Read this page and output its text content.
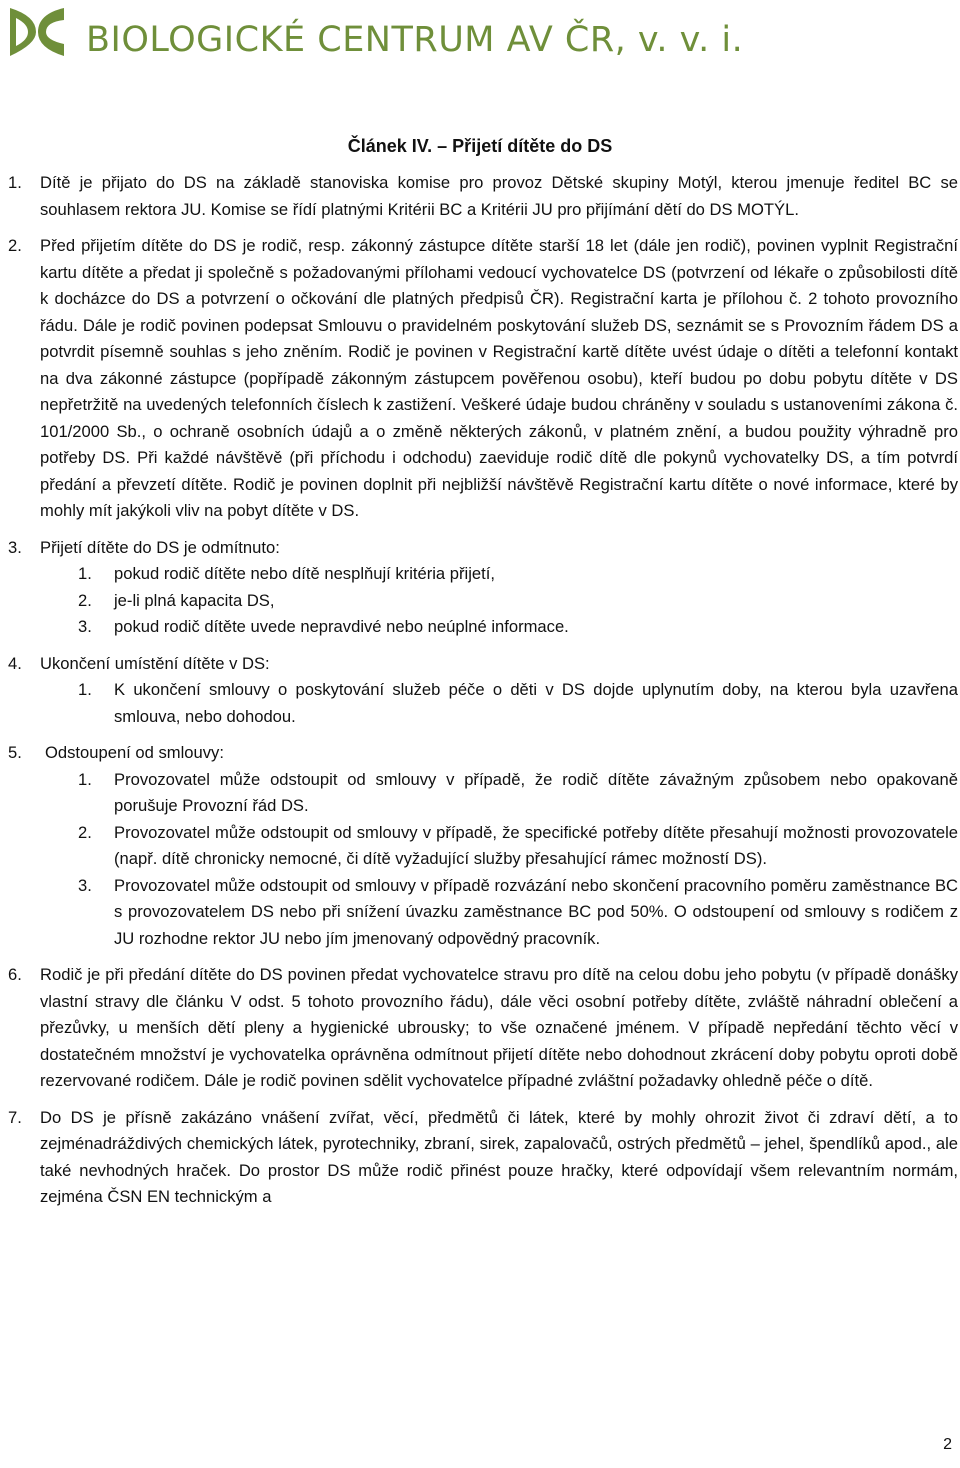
BIOLOGICKÉ CENTRUM AV ČR, v. v. i.
Článek IV. – Přijetí dítěte do DS
1. Dítě je přijato do DS na základě stanoviska komise pro provoz Dětské skupiny Motýl, kterou jmenuje ředitel BC se souhlasem rektora JU. Komise se řídí platnými Kritérii BC a Kritérii JU pro přijímání dětí do DS MOTÝL.

2. Před přijetím dítěte do DS je rodič, resp. zákonný zástupce dítěte starší 18 let (dále jen rodič), povinen vyplnit Registrační kartu dítěte a předat ji společně s požadovanými přílohami vedoucí vychovatelce DS (potvrzení od lékaře o způsobilosti dítě k docházce do DS a potvrzení o očkování dle platných předpisů ČR). Registrační karta je přílohou č. 2 tohoto provozního řádu. Dále je rodič povinen podepsat Smlouvu o pravidelném poskytování služeb DS, seznámit se s Provozním řádem DS a potvrdit písemně souhlas s jeho zněním. Rodič je povinen v Registrační kartě dítěte uvést údaje o dítěti a telefonní kontakt na dva zákonné zástupce (popřípadě zákonným zástupcem pověřenou osobu), kteří budou po dobu pobytu dítěte v DS nepřetržitě na uvedených telefonních číslech k zastižení. Veškeré údaje budou chráněny v souladu s ustanoveními zákona č. 101/2000 Sb., o ochraně osobních údajů a o změně některých zákonů, v platném znění, a budou použity výhradně pro potřeby DS. Při každé návštěvě (při příchodu i odchodu) zaeviduje rodič dítě dle pokynů vychovatelky DS, a tím potvrdí předání a převzetí dítěte. Rodič je povinen doplnit při nejbližší návštěvě Registrační kartu dítěte o nové informace, které by mohly mít jakýkoli vliv na pobyt dítěte v DS.

3. Přijetí dítěte do DS je odmítnuto:

1. pokud rodič dítěte nebo dítě nesplňují kritéria přijetí,

2. je-li plná kapacita DS,

3. pokud rodič dítěte uvede nepravdivé nebo neúplné informace.

4. Ukončení umístění dítěte v DS:

1. K ukončení smlouvy o poskytování služeb péče o děti v DS dojde uplynutím doby, na kterou byla uzavřena smlouva, nebo dohodou.

5.	Odstoupení od smlouvy:

1. Provozovatel může odstoupit od smlouvy v případě, že rodič dítěte závažným způsobem nebo opakovaně porušuje Provozní řád DS.

2. Provozovatel může odstoupit od smlouvy v případě, že specifické potřeby dítěte přesahují možnosti provozovatele (např. dítě chronicky nemocné, či dítě vyžadující služby přesahující rámec možností DS).

3. Provozovatel může odstoupit od smlouvy v případě rozvázání nebo skončení pracovního poměru zaměstnance BC s provozovatelem DS nebo při snížení úvazku zaměstnance BC pod 50%. O odstoupení od smlouvy s rodičem z JU rozhodne rektor JU nebo jím jmenovaný odpovědný pracovník.

6. Rodič je při předání dítěte do DS povinen předat vychovatelce stravu pro dítě na celou dobu jeho pobytu (v případě donášky vlastní stravy dle článku V odst. 5 tohoto provozního řádu), dále věci osobní potřeby dítěte, zvláště náhradní oblečení a přezůvky, u menších dětí pleny a hygienické ubrousky; to vše označené jménem. V případě nepředání těchto věcí v dostatečném množství je vychovatelka oprávněna odmítnout přijetí dítěte nebo dohodnout zkrácení doby pobytu oproti době rezervované rodičem. Dále je rodič povinen sdělit vychovatelce případné zvláštní požadavky ohledně péče o dítě.

7. Do DS je přísně zakázáno vnášení zvířat, věcí, předmětů či látek, které by mohly ohrozit život či zdraví dětí, a to zejménadráždivých chemických látek, pyrotechniky, zbraní, sirek, zapalovačů, ostrých předmětů – jehel, špendlíků apod., ale také nevhodných hraček. Do prostor DS může rodič přinést pouze hračky, které odpovídají všem relevantním normám, zejména ČSN EN technickým a

2
